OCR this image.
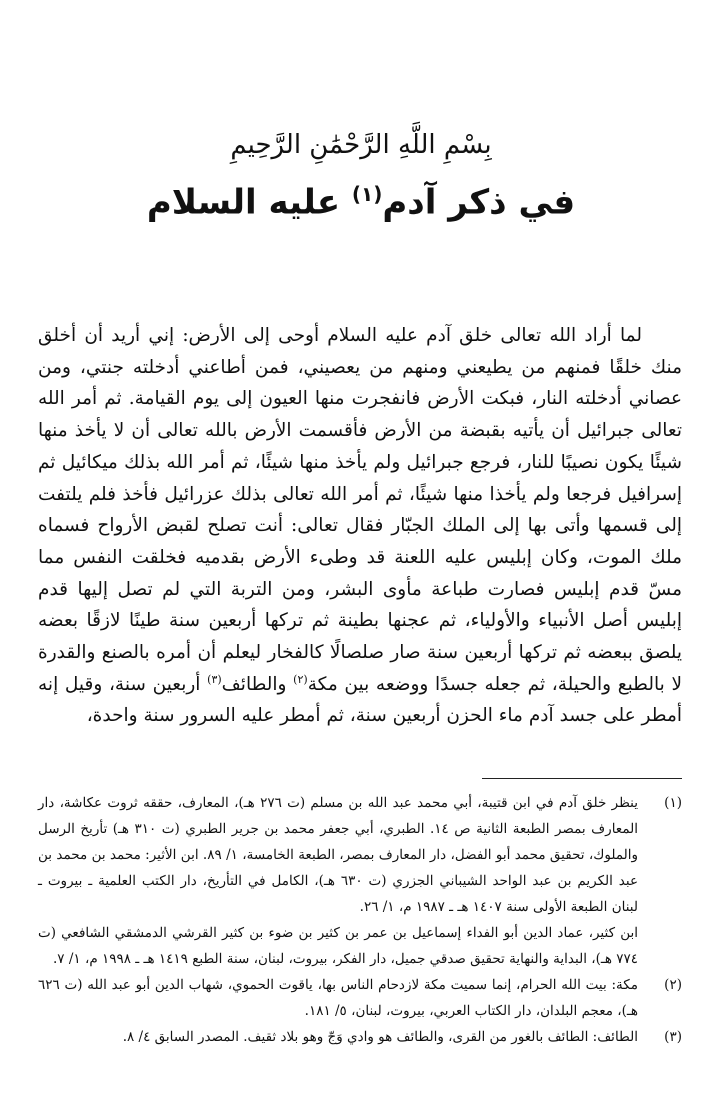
بِسْمِ اللَّهِ الرَّحْمَٰنِ الرَّحِيمِ
في ذكر آدم$^{(١)}$ عليه السلام

لما أراد الله تعالى خلق آدم عليه السلام أوحى إلى الأرض: إني أريد أن أخلق منك خلقًا فمنهم من يطيعني ومنهم من يعصيني، فمن أطاعني أدخلته جنتي، ومن عصاني أدخلته النار، فبكت الأرض فانفجرت منها العيون إلى يوم القيامة. ثم أمر الله تعالى جبرائيل أن يأتيه بقبضة من الأرض فأقسمت الأرض بالله تعالى أن لا يأخذ منها شيئًا يكون نصيبًا للنار، فرجع جبرائيل ولم يأخذ منها شيئًا، ثم أمر الله بذلك ميكائيل ثم إسرافيل فرجعا ولم يأخذا منها شيئًا، ثم أمر الله تعالى بذلك عزرائيل فأخذ فلم يلتفت إلى قسمها وأتى بها إلى الملك الجبّار فقال تعالى: أنت تصلح لقبض الأرواح فسماه ملك الموت، وكان إبليس عليه اللعنة قد وطىء الأرض بقدميه فخلقت النفس مما مسّ قدم إبليس فصارت طباعة مأوى البشر، ومن التربة التي لم تصل إليها قدم إبليس أصل الأنبياء والأولياء، ثم عجنها بطينة ثم تركها أربعين سنة طينًا لازقًا بعضه يلصق ببعضه ثم تركها أربعين سنة صار صلصالًا كالفخار ليعلم أن أمره بالصنع والقدرة لا بالطبع والحيلة، ثم جعله جسدًا ووضعه بين مكة$^{(٢)}$ والطائف$^{(٣)}$ أربعين سنة، وقيل إنه أمطر على جسد آدم ماء الحزن أربعين سنة، ثم أمطر عليه السرور سنة واحدة،

(١)

ينظر خلق آدم في ابن قتيبة، أبي محمد عبد الله بن مسلم (ت ٢٧٦ هـ)، المعارف، حققه ثروت عكاشة، دار المعارف بمصر الطبعة الثانية ص ١٤. الطبري، أبي جعفر محمد بن جرير الطبري (ت ٣١٠ هـ) تأريخ الرسل والملوك، تحقيق محمد أبو الفضل، دار المعارف بمصر، الطبعة الخامسة، ١/ ٨٩. ابن الأثير: محمد بن محمد بن عبد الكريم بن عبد الواحد الشيباني الجزري (ت ٦٣٠ هـ)، الكامل في التأريخ، دار الكتب العلمية ـ بيروت ـ لبنان الطبعة الأولى سنة ١٤٠٧ هـ ـ ١٩٨٧ م، ١/ ٢٦.

ابن كثير، عماد الدين أبو الفداء إسماعيل بن عمر بن كثير بن ضوء بن كثير القرشي الدمشقي الشافعي (ت ٧٧٤ هـ)، البداية والنهاية تحقيق صدقي جميل، دار الفكر، بيروت، لبنان، سنة الطبع ١٤١٩ هـ ـ ١٩٩٨ م، ١/ ٧.

(٢)

مكة: بيت الله الحرام، إنما سميت مكة لازدحام الناس بها، ياقوت الحموي، شهاب الدين أبو عبد الله (ت ٦٢٦ هـ)، معجم البلدان، دار الكتاب العربي، بيروت، لبنان، ٥/ ١٨١.

(٣)

الطائف: الطائف بالغور من القرى، والطائف هو وادي وَجّ وهو بلاد ثقيف. المصدر السابق ٤/ ٨.
